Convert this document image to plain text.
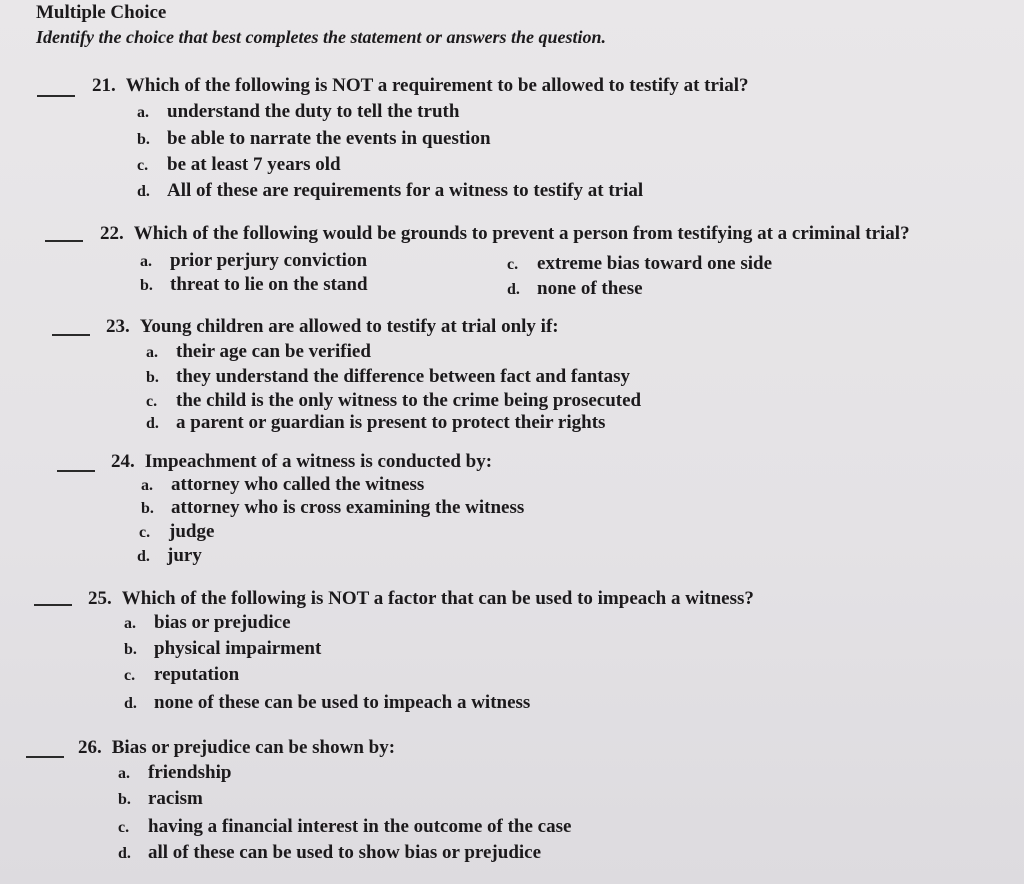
Multiple Choice
Identify the choice that best completes the statement or answers the question.
21. Which of the following is NOT a requirement to be allowed to testify at trial?
a. understand the duty to tell the truth
b. be able to narrate the events in question
c. be at least 7 years old
d. All of these are requirements for a witness to testify at trial
22. Which of the following would be grounds to prevent a person from testifying at a criminal trial?
a. prior perjury conviction
b. threat to lie on the stand
c. extreme bias toward one side
d. none of these
23. Young children are allowed to testify at trial only if:
a. their age can be verified
b. they understand the difference between fact and fantasy
c. the child is the only witness to the crime being prosecuted
d. a parent or guardian is present to protect their rights
24. Impeachment of a witness is conducted by:
a. attorney who called the witness
b. attorney who is cross examining the witness
c. judge
d. jury
25. Which of the following is NOT a factor that can be used to impeach a witness?
a. bias or prejudice
b. physical impairment
c. reputation
d. none of these can be used to impeach a witness
26. Bias or prejudice can be shown by:
a. friendship
b. racism
c. having a financial interest in the outcome of the case
d. all of these can be used to show bias or prejudice
